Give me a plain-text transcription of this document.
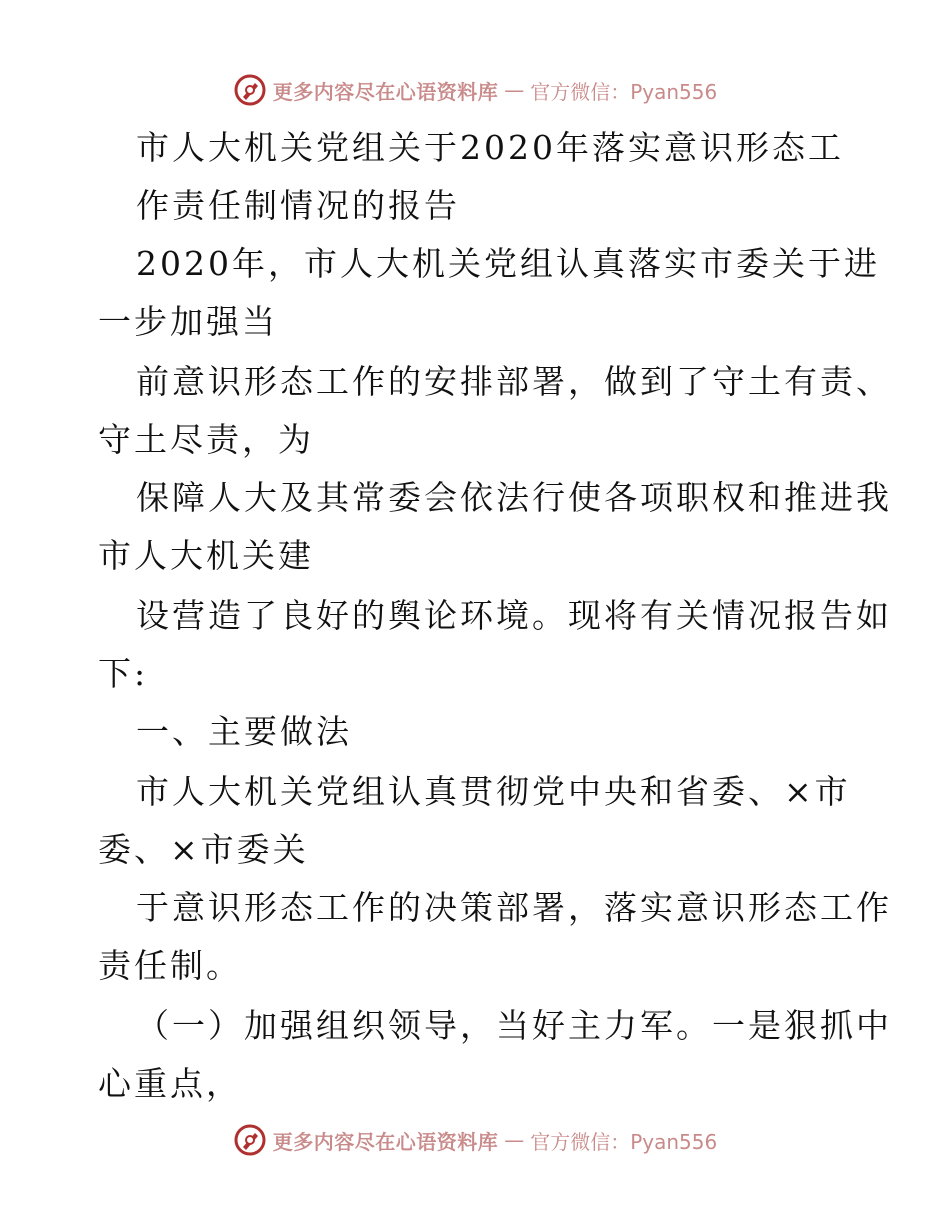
更多内容尽在心语资料库 — 官方微信：Pyan556
市人大机关党组关于2020年落实意识形态工
作责任制情况的报告
2020年，市人大机关党组认真落实市委关于进
一步加强当
前意识形态工作的安排部署，做到了守土有责、
守土尽责，为
保障人大及其常委会依法行使各项职权和推进我
市人大机关建
设营造了良好的舆论环境。现将有关情况报告如
下:
一、主要做法
市人大机关党组认真贯彻党中央和省委、×市
委、×市委关
于意识形态工作的决策部署，落实意识形态工作
责任制。
（一）加强组织领导，当好主力军。一是狠抓中
心重点，
更多内容尽在心语资料库 — 官方微信：Pyan556
